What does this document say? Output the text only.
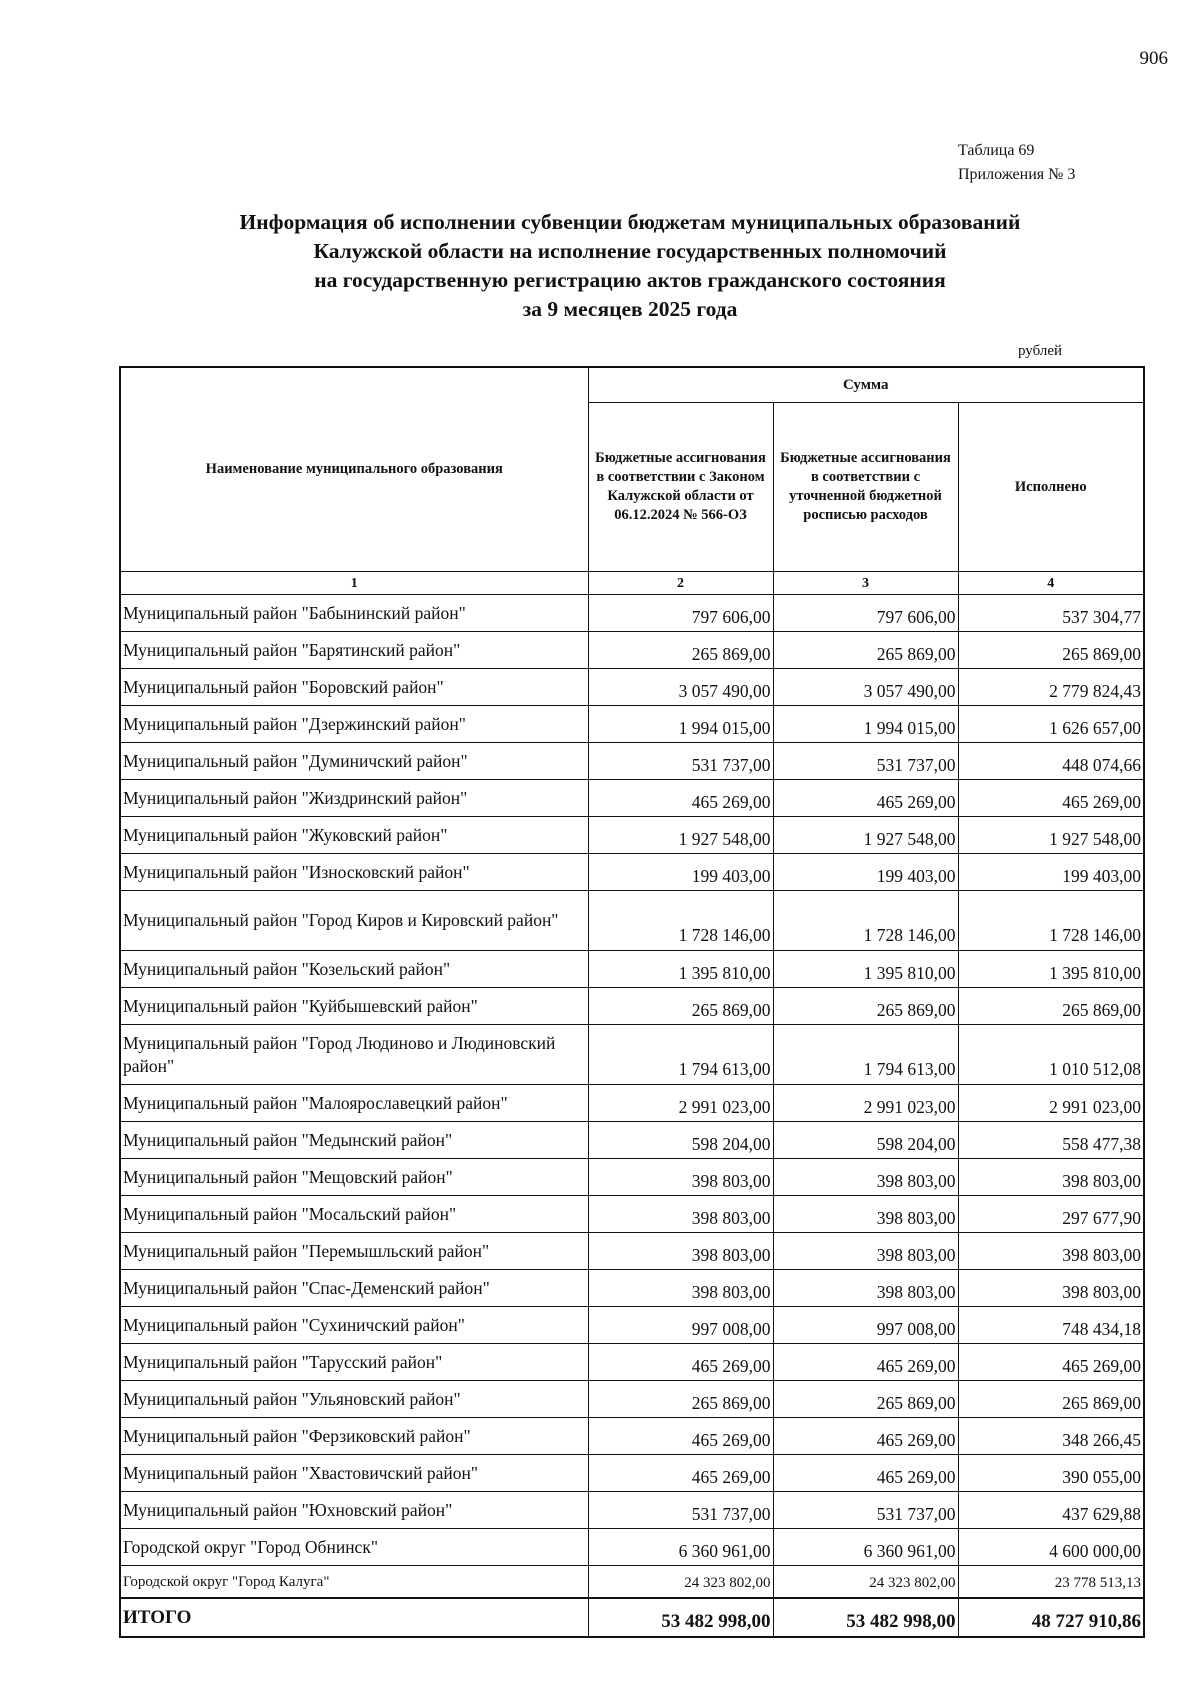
906
Таблица 69
Приложения № 3
Информация об исполнении субвенции бюджетам муниципальных образований
Калужской области на исполнение государственных полномочий
на государственную регистрацию актов гражданского состояния
за 9 месяцев 2025 года
рублей
Наименование муниципального образования	Сумма		
	Бюджетные ассигнования в соответствии с Законом Калужской области от 06.12.2024 № 566-ОЗ	Бюджетные ассигнования в соответствии с уточненной бюджетной росписью расходов	Исполнено
1	2	3	4
Муниципальный район "Бабынинский район"	797 606,00	797 606,00	537 304,77
Муниципальный район "Барятинский район"	265 869,00	265 869,00	265 869,00
Муниципальный район "Боровский район"	3 057 490,00	3 057 490,00	2 779 824,43
Муниципальный район "Дзержинский район"	1 994 015,00	1 994 015,00	1 626 657,00
Муниципальный район "Думиничский район"	531 737,00	531 737,00	448 074,66
Муниципальный район "Жиздринский район"	465 269,00	465 269,00	465 269,00
Муниципальный район "Жуковский район"	1 927 548,00	1 927 548,00	1 927 548,00
Муниципальный район "Износковский район"	199 403,00	199 403,00	199 403,00
Муниципальный район "Город Киров и Кировский район"	1 728 146,00	1 728 146,00	1 728 146,00
Муниципальный район "Козельский район"	1 395 810,00	1 395 810,00	1 395 810,00
Муниципальный район "Куйбышевский район"	265 869,00	265 869,00	265 869,00
Муниципальный район "Город Людиново и Людиновский район"	1 794 613,00	1 794 613,00	1 010 512,08
Муниципальный район "Малоярославецкий район"	2 991 023,00	2 991 023,00	2 991 023,00
Муниципальный район "Медынский район"	598 204,00	598 204,00	558 477,38
Муниципальный район "Мещовский район"	398 803,00	398 803,00	398 803,00
Муниципальный район "Мосальский район"	398 803,00	398 803,00	297 677,90
Муниципальный район "Перемышльский район"	398 803,00	398 803,00	398 803,00
Муниципальный район "Спас-Деменский район"	398 803,00	398 803,00	398 803,00
Муниципальный район "Сухиничский район"	997 008,00	997 008,00	748 434,18
Муниципальный район "Тарусский район"	465 269,00	465 269,00	465 269,00
Муниципальный район "Ульяновский район"	265 869,00	265 869,00	265 869,00
Муниципальный район "Ферзиковский район"	465 269,00	465 269,00	348 266,45
Муниципальный район "Хвастовичский район"	465 269,00	465 269,00	390 055,00
Муниципальный район "Юхновский район"	531 737,00	531 737,00	437 629,88
Городской округ "Город Обнинск"	6 360 961,00	6 360 961,00	4 600 000,00
Городской округ "Город Калуга"	24 323 802,00	24 323 802,00	23 778 513,13
ИТОГО	53 482 998,00	53 482 998,00	48 727 910,86
